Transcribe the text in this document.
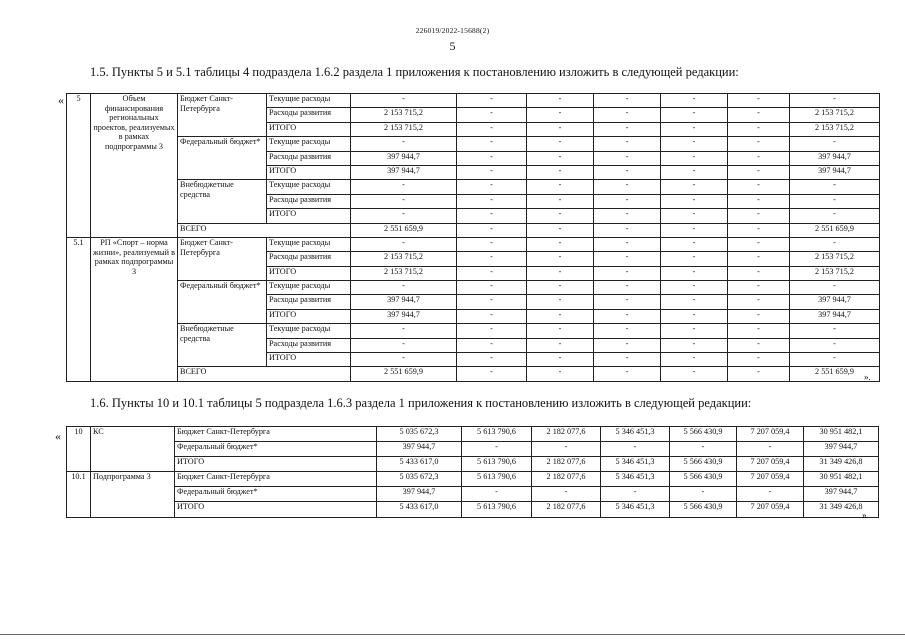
226019/2022-15688(2)
5
1.5. Пункты 5 и 5.1 таблицы 4 подраздела 1.6.2 раздела 1 приложения к постановлению изложить в следующей редакции:
« 5	Объем финансирования региональных проектов, реализуемых в рамках подпрограммы 3	Бюджет Санкт-Петербурга	Текущие расходы	-	-	-	-	-	-	-
			Расходы развития	2 153 715,2	-	-	-	-	-	2 153 715,2
			ИТОГО	2 153 715,2	-	-	-	-	-	2 153 715,2
		Федеральный бюджет*	Текущие расходы	-	-	-	-	-	-	-
			Расходы развития	397 944,7	-	-	-	-	-	397 944,7
			ИТОГО	397 944,7	-	-	-	-	-	397 944,7
		Внебюджетные средства	Текущие расходы	-	-	-	-	-	-	-
			Расходы развития	-	-	-	-	-	-	-
			ИТОГО	-	-	-	-	-	-	-
		ВСЕГО		2 551 659,9	-	-	-	-	-	2 551 659,9
5.1	РП «Спорт – норма жизни», реализуемый в рамках подпрограммы 3	Бюджет Санкт-Петербурга	Текущие расходы	-	-	-	-	-	-	-
			Расходы развития	2 153 715,2	-	-	-	-	-	2 153 715,2
			ИТОГО	2 153 715,2	-	-	-	-	-	2 153 715,2
		Федеральный бюджет*	Текущие расходы	-	-	-	-	-	-	-
			Расходы развития	397 944,7	-	-	-	-	-	397 944,7
			ИТОГО	397 944,7	-	-	-	-	-	397 944,7
		Внебюджетные средства	Текущие расходы	-	-	-	-	-	-	-
			Расходы развития	-	-	-	-	-	-	-
			ИТОГО	-	-	-	-	-	-	-
		ВСЕГО		2 551 659,9	-	-	-	-	-	2 551 659,9
».
1.6. Пункты 10 и 10.1 таблицы 5 подраздела 1.6.3 раздела 1 приложения к постановлению изложить в следующей редакции:
« 10	КС	Бюджет Санкт-Петербурга	5 035 672,3	5 613 790,6	2 182 077,6	5 346 451,3	5 566 430,9	7 207 059,4	30 951 482,1
		Федеральный бюджет*	397 944,7	-	-	-	-	-	397 944,7
		ИТОГО	5 433 617,0	5 613 790,6	2 182 077,6	5 346 451,3	5 566 430,9	7 207 059,4	31 349 426,8
10.1	Подпрограмма 3	Бюджет Санкт-Петербурга	5 035 672,3	5 613 790,6	2 182 077,6	5 346 451,3	5 566 430,9	7 207 059,4	30 951 482,1
		Федеральный бюджет*	397 944,7	-	-	-	-	-	397 944,7
		ИТОГО	5 433 617,0	5 613 790,6	2 182 077,6	5 346 451,3	5 566 430,9	7 207 059,4	31 349 426,8
».
